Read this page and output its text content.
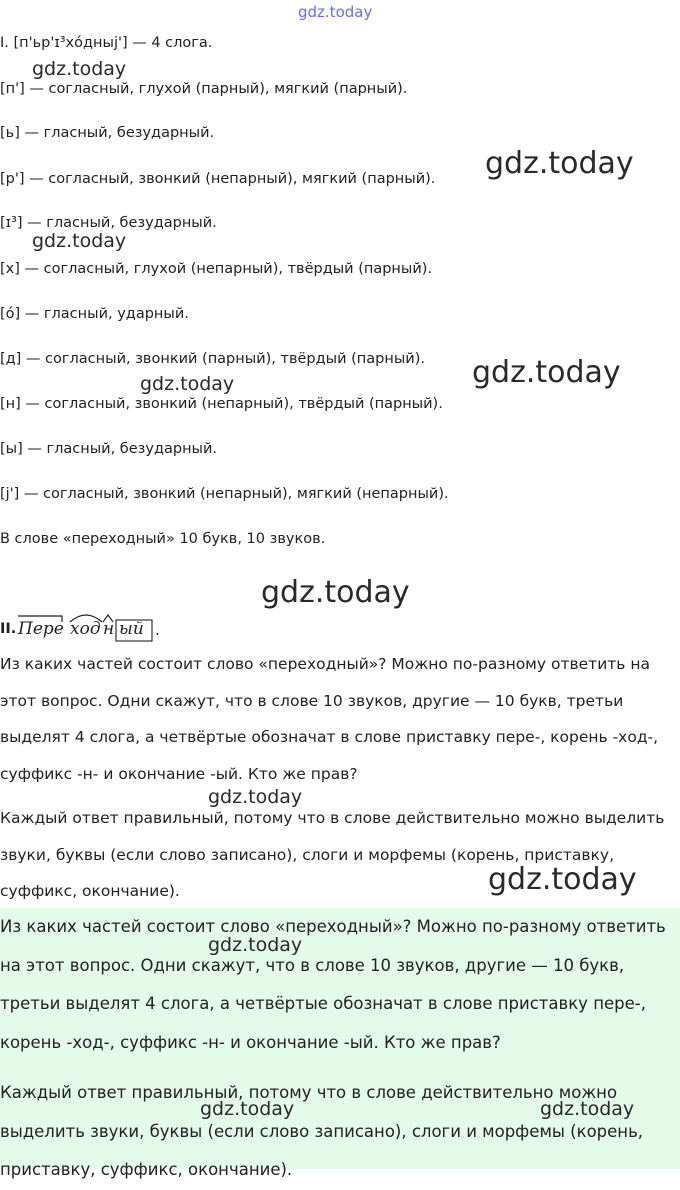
gdz.today
gdz.today
gdz.today
gdz.today
gdz.today
gdz.today
gdz.today
gdz.today
gdz.today
gdz.today
gdz.today	gdz.today
I. [п'ьр'ɪ³хо́дныj'] — 4 слога.
[п'] — согласный, глухой (парный), мягкий (парный).
[ь] — гласный, безударный.
[р'] — согласный, звонкий (непарный), мягкий (парный).
[ɪ³] — гласный, безударный.
[х] — согласный, глухой (непарный), твёрдый (парный).
[о́] — гласный, ударный.
[д] — согласный, звонкий (парный), твёрдый (парный).
[н] — согласный, звонкий (непарный), твёрдый (парный).
[ы] — гласный, безударный.
[j'] — согласный, звонкий (непарный), мягкий (непарный).
В слове «переходный» 10 букв, 10 звуков.
II. Пере ход н ый .
Из каких частей состоит слово «переходный»? Можно по-разному ответить на этот вопрос. Одни скажут, что в слове 10 звуков, другие — 10 букв, третьи выделят 4 слога, а четвёртые обозначат в слове приставку пере-, корень -ход-, суффикс -н- и окончание -ый. Кто же прав?
Каждый ответ правильный, потому что в слове действительно можно выделить звуки, буквы (если слово записано), слоги и морфемы (корень, приставку, суффикс, окончание).
Из каких частей состоит слово «переходный»? Можно по-разному ответить на этот вопрос. Одни скажут, что в слове 10 звуков, другие — 10 букв, третьи выделят 4 слога, а четвёртые обозначат в слове приставку пере-, корень -ход-, суффикс -н- и окончание -ый. Кто же прав?
Каждый ответ правильный, потому что в слове действительно можно выделить звуки, буквы (если слово записано), слоги и морфемы (корень, приставку, суффикс, окончание).
